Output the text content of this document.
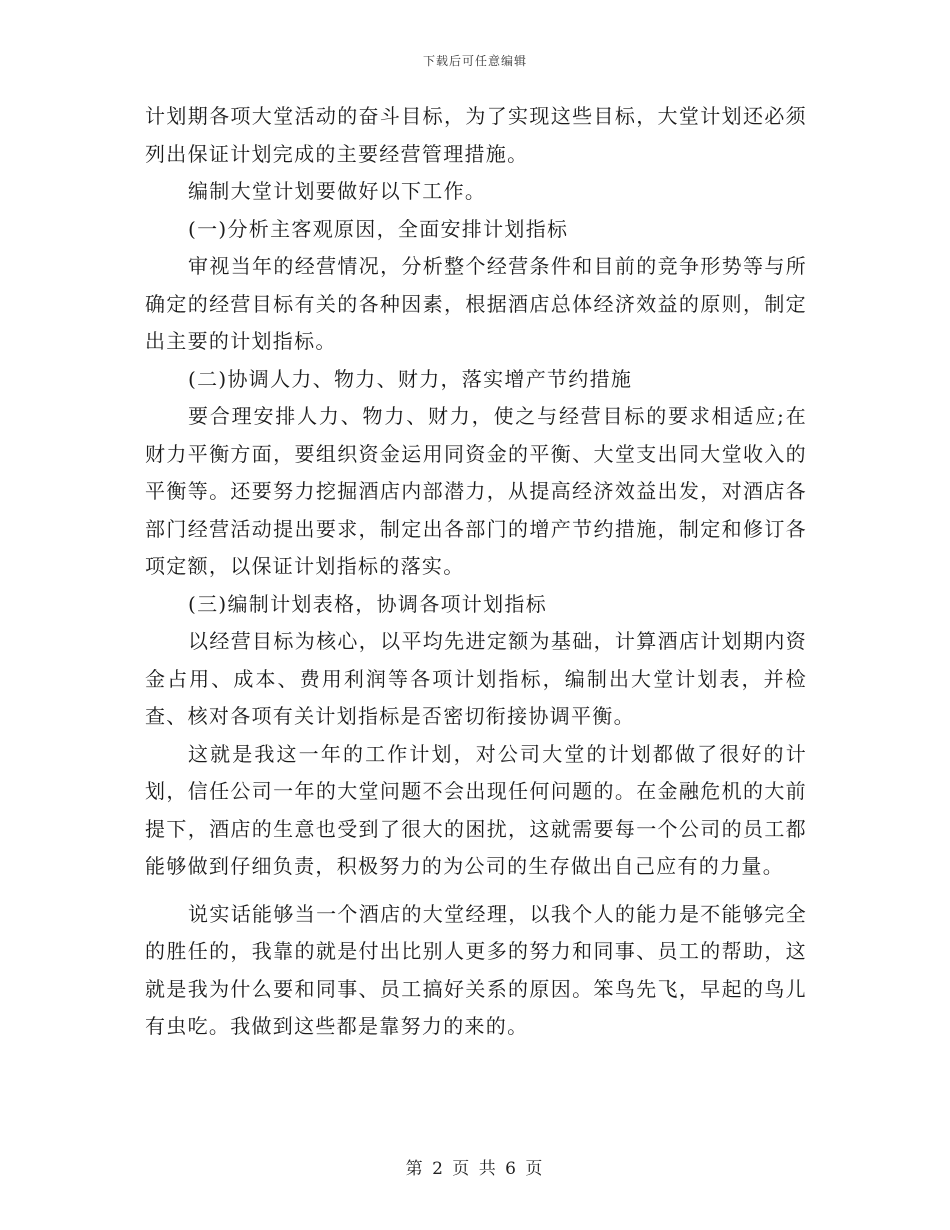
下载后可任意编辑

计划期各项大堂活动的奋斗目标，为了实现这些目标，大堂计划还必须列出保证计划完成的主要经营管理措施。

编制大堂计划要做好以下工作。

(一)分析主客观原因，全面安排计划指标

审视当年的经营情况，分析整个经营条件和目前的竞争形势等与所确定的经营目标有关的各种因素，根据酒店总体经济效益的原则，制定出主要的计划指标。

(二)协调人力、物力、财力，落实增产节约措施

要合理安排人力、物力、财力，使之与经营目标的要求相适应;在财力平衡方面，要组织资金运用同资金的平衡、大堂支出同大堂收入的平衡等。还要努力挖掘酒店内部潜力，从提高经济效益出发，对酒店各部门经营活动提出要求，制定出各部门的增产节约措施，制定和修订各项定额，以保证计划指标的落实。

(三)编制计划表格，协调各项计划指标

以经营目标为核心，以平均先进定额为基础，计算酒店计划期内资金占用、成本、费用利润等各项计划指标，编制出大堂计划表，并检查、核对各项有关计划指标是否密切衔接协调平衡。

这就是我这一年的工作计划，对公司大堂的计划都做了很好的计划，信任公司一年的大堂问题不会出现任何问题的。在金融危机的大前提下，酒店的生意也受到了很大的困扰，这就需要每一个公司的员工都能够做到仔细负责，积极努力的为公司的生存做出自己应有的力量。

说实话能够当一个酒店的大堂经理，以我个人的能力是不能够完全的胜任的，我靠的就是付出比别人更多的努力和同事、员工的帮助，这就是我为什么要和同事、员工搞好关系的原因。笨鸟先飞，早起的鸟儿有虫吃。我做到这些都是靠努力的来的。

第 2 页 共 6 页
